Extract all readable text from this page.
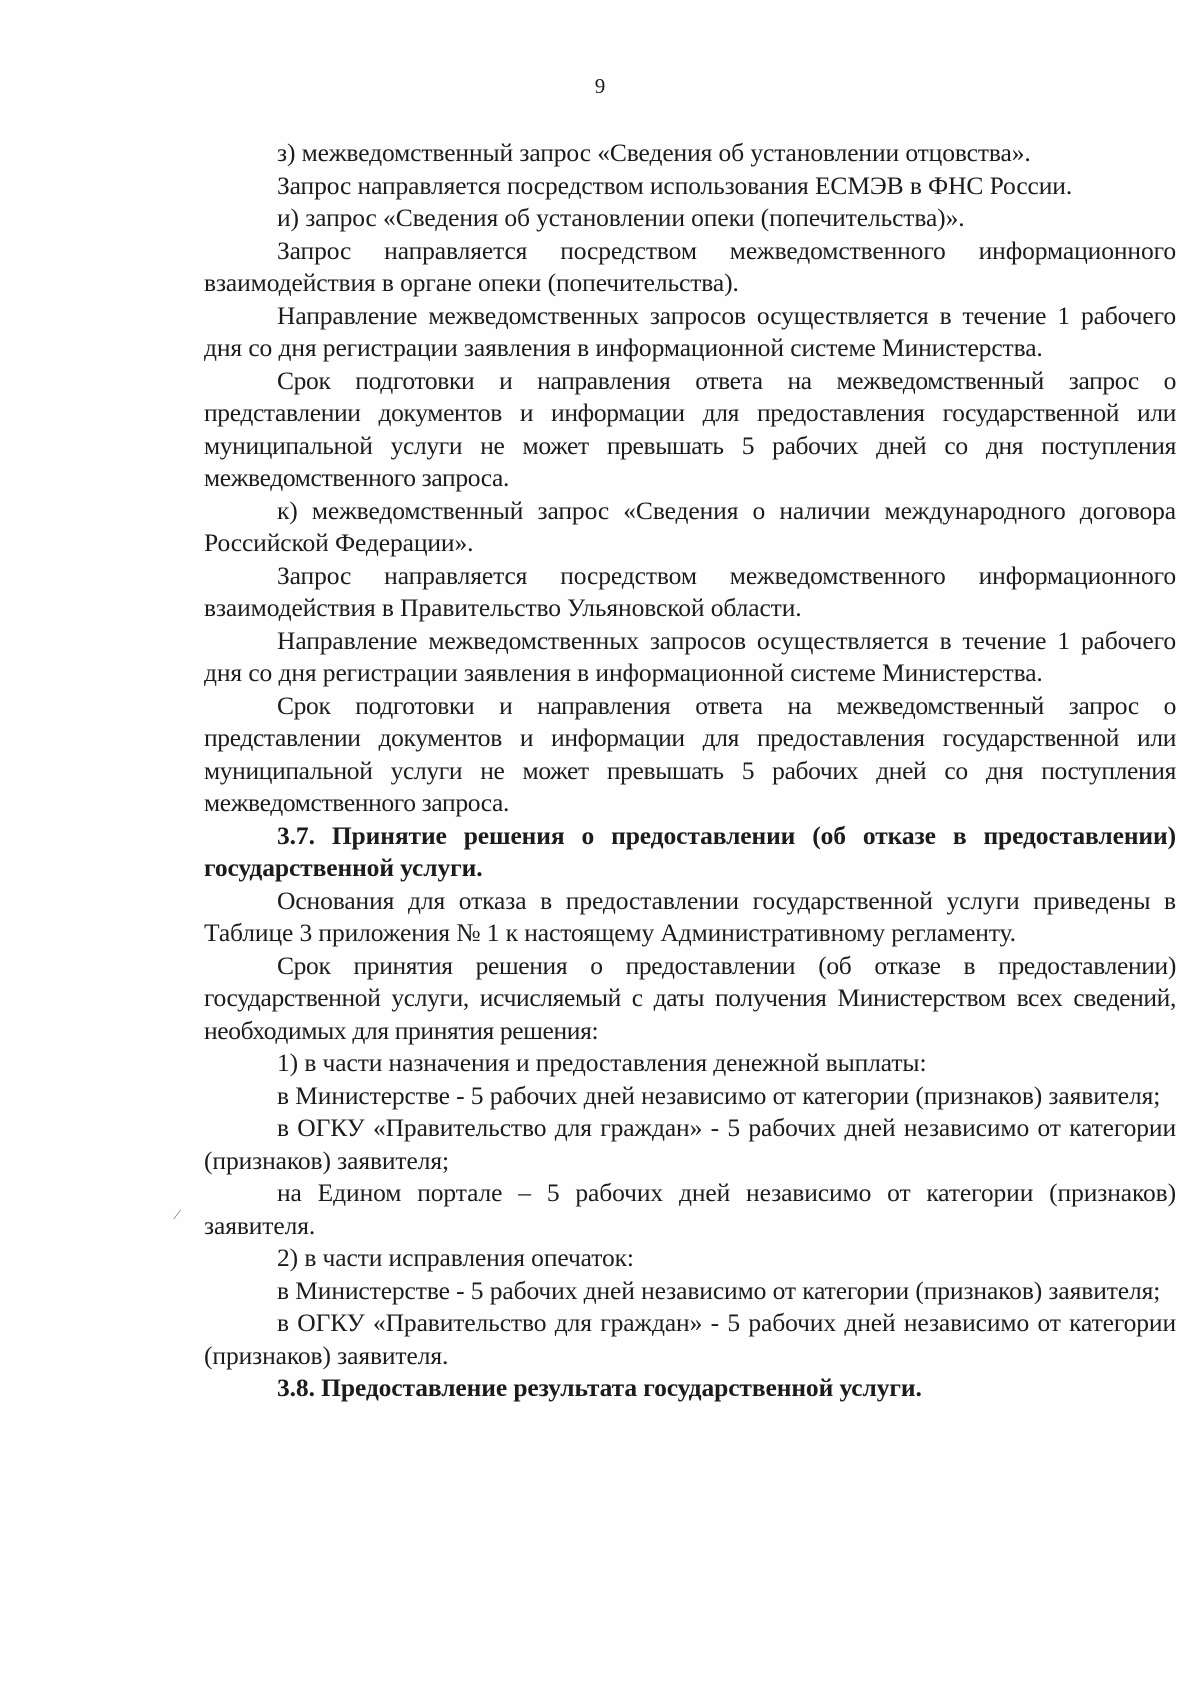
9

з) межведомственный запрос «Сведения об установлении отцовства».

Запрос направляется посредством использования ЕСМЭВ в ФНС России.

и) запрос «Сведения об установлении опеки (попечительства)».

Запрос направляется посредством межведомственного информационного взаимодействия в органе опеки (попечительства).

Направление межведомственных запросов осуществляется в течение 1 рабочего дня со дня регистрации заявления в информационной системе Министерства.

Срок подготовки и направления ответа на межведомственный запрос о представлении документов и информации для предоставления государственной или муниципальной услуги не может превышать 5 рабочих дней со дня поступления межведомственного запроса.

к) межведомственный запрос «Сведения о наличии международного договора Российской Федерации».

Запрос направляется посредством межведомственного информационного взаимодействия в Правительство Ульяновской области.

Направление межведомственных запросов осуществляется в течение 1 рабочего дня со дня регистрации заявления в информационной системе Министерства.

Срок подготовки и направления ответа на межведомственный запрос о представлении документов и информации для предоставления государственной или муниципальной услуги не может превышать 5 рабочих дней со дня поступления межведомственного запроса.

3.7. Принятие решения о предоставлении (об отказе в предоставлении) государственной услуги.

Основания для отказа в предоставлении государственной услуги приведены в Таблице 3 приложения № 1 к настоящему Административному регламенту.

Срок принятия решения о предоставлении (об отказе в предоставлении) государственной услуги, исчисляемый с даты получения Министерством всех сведений, необходимых для принятия решения:

1) в части назначения и предоставления денежной выплаты:

в Министерстве - 5 рабочих дней независимо от категории (признаков) заявителя;

в ОГКУ «Правительство для граждан» - 5 рабочих дней независимо от категории (признаков) заявителя;

на Едином портале – 5 рабочих дней независимо от категории (признаков) заявителя.

2) в части исправления опечаток:

в Министерстве - 5 рабочих дней независимо от категории (признаков) заявителя;

в ОГКУ «Правительство для граждан» - 5 рабочих дней независимо от категории (признаков) заявителя.

3.8. Предоставление результата государственной услуги.

⁄
